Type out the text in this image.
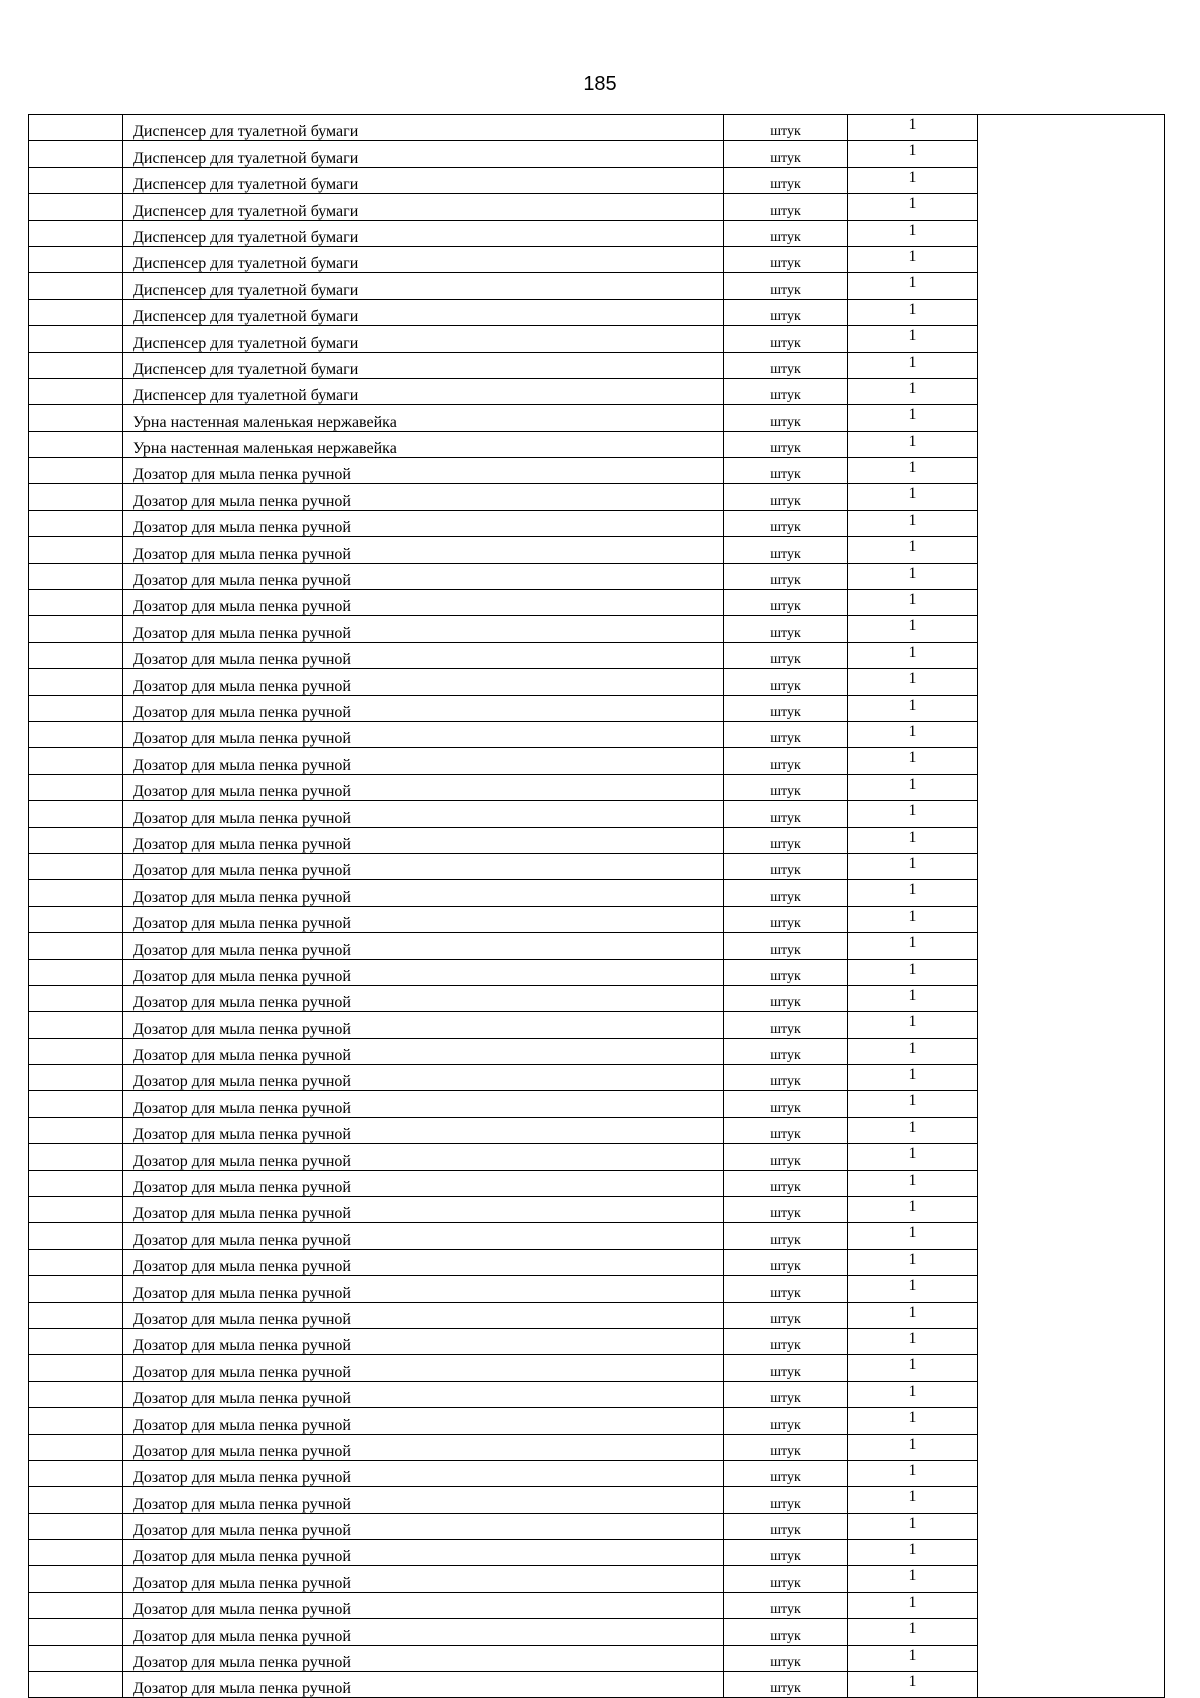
185
	Диспенсер для туалетной бумаги	штук	1	
	Диспенсер для туалетной бумаги	штук	1	
	Диспенсер для туалетной бумаги	штук	1	
	Диспенсер для туалетной бумаги	штук	1	
	Диспенсер для туалетной бумаги	штук	1	
	Диспенсер для туалетной бумаги	штук	1	
	Диспенсер для туалетной бумаги	штук	1	
	Диспенсер для туалетной бумаги	штук	1	
	Диспенсер для туалетной бумаги	штук	1	
	Диспенсер для туалетной бумаги	штук	1	
	Диспенсер для туалетной бумаги	штук	1	
	Урна настенная маленькая нержавейка	штук	1	
	Урна настенная маленькая нержавейка	штук	1	
	Дозатор для мыла пенка ручной	штук	1	
	Дозатор для мыла пенка ручной	штук	1	
	Дозатор для мыла пенка ручной	штук	1	
	Дозатор для мыла пенка ручной	штук	1	
	Дозатор для мыла пенка ручной	штук	1	
	Дозатор для мыла пенка ручной	штук	1	
	Дозатор для мыла пенка ручной	штук	1	
	Дозатор для мыла пенка ручной	штук	1	
	Дозатор для мыла пенка ручной	штук	1	
	Дозатор для мыла пенка ручной	штук	1	
	Дозатор для мыла пенка ручной	штук	1	
	Дозатор для мыла пенка ручной	штук	1	
	Дозатор для мыла пенка ручной	штук	1	
	Дозатор для мыла пенка ручной	штук	1	
	Дозатор для мыла пенка ручной	штук	1	
	Дозатор для мыла пенка ручной	штук	1	
	Дозатор для мыла пенка ручной	штук	1	
	Дозатор для мыла пенка ручной	штук	1	
	Дозатор для мыла пенка ручной	штук	1	
	Дозатор для мыла пенка ручной	штук	1	
	Дозатор для мыла пенка ручной	штук	1	
	Дозатор для мыла пенка ручной	штук	1	
	Дозатор для мыла пенка ручной	штук	1	
	Дозатор для мыла пенка ручной	штук	1	
	Дозатор для мыла пенка ручной	штук	1	
	Дозатор для мыла пенка ручной	штук	1	
	Дозатор для мыла пенка ручной	штук	1	
	Дозатор для мыла пенка ручной	штук	1	
	Дозатор для мыла пенка ручной	штук	1	
	Дозатор для мыла пенка ручной	штук	1	
	Дозатор для мыла пенка ручной	штук	1	
	Дозатор для мыла пенка ручной	штук	1	
	Дозатор для мыла пенка ручной	штук	1	
	Дозатор для мыла пенка ручной	штук	1	
	Дозатор для мыла пенка ручной	штук	1	
	Дозатор для мыла пенка ручной	штук	1	
	Дозатор для мыла пенка ручной	штук	1	
	Дозатор для мыла пенка ручной	штук	1	
	Дозатор для мыла пенка ручной	штук	1	
	Дозатор для мыла пенка ручной	штук	1	
	Дозатор для мыла пенка ручной	штук	1	
	Дозатор для мыла пенка ручной	штук	1	
	Дозатор для мыла пенка ручной	штук	1	
	Дозатор для мыла пенка ручной	штук	1	
	Дозатор для мыла пенка ручной	штук	1	
	Дозатор для мыла пенка ручной	штук	1	
	Дозатор для мыла пенка ручной	штук	1	
